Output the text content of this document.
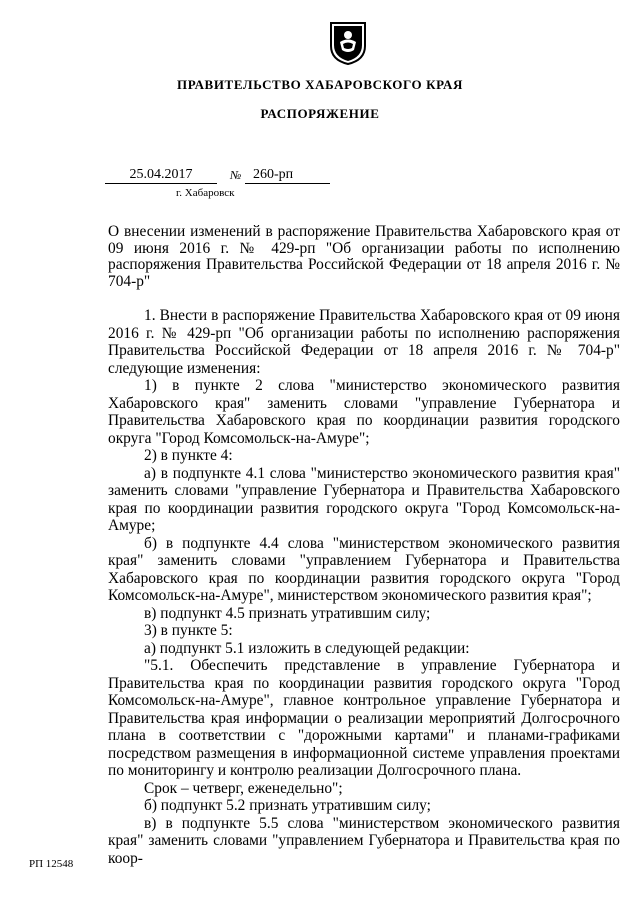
ПРАВИТЕЛЬСТВО ХАБАРОВСКОГО КРАЯ
РАСПОРЯЖЕНИЕ
25.04.2017	№ 260-рп
г. Хабаровск
О внесении изменений в распоряжение Правительства Хабаровского края от 09 июня 2016 г. № 429-рп "Об организации работы по исполнению распоряжения Правительства Российской Федерации от 18 апреля 2016 г. № 704-р"

1. Внести в распоряжение Правительства Хабаровского края от 09 июня 2016 г. № 429-рп "Об организации работы по исполнению распоряжения Правительства Российской Федерации от 18 апреля 2016 г. № 704-р" следующие изменения:

1) в пункте 2 слова "министерство экономического развития Хабаровского края" заменить словами "управление Губернатора и Правительства Хабаровского края по координации развития городского округа "Город Комсомольск-на-Амуре";

2) в пункте 4:

а) в подпункте 4.1 слова "министерство экономического развития края" заменить словами "управление Губернатора и Правительства Хабаровского края по координации развития городского округа "Город Комсомольск-на-Амуре;

б) в подпункте 4.4 слова "министерством экономического развития края" заменить словами "управлением Губернатора и Правительства Хабаровского края по координации развития городского округа "Город Комсомольск-на-Амуре", министерством экономического развития края";

в) подпункт 4.5 признать утратившим силу;

3) в пункте 5:

а) подпункт 5.1 изложить в следующей редакции:

"5.1. Обеспечить представление в управление Губернатора и Правительства края по координации развития городского округа "Город Комсомольск-на-Амуре", главное контрольное управление Губернатора и Правительства края информации о реализации мероприятий Долгосрочного плана в соответствии с "дорожными картами" и планами-графиками посредством размещения в информационной системе управления проектами по мониторингу и контролю реализации Долгосрочного плана.

Срок – четверг, еженедельно";

б) подпункт 5.2 признать утратившим силу;

в) в подпункте 5.5 слова "министерством экономического развития края" заменить словами "управлением Губернатора и Правительства края по коор-

РП 12548
